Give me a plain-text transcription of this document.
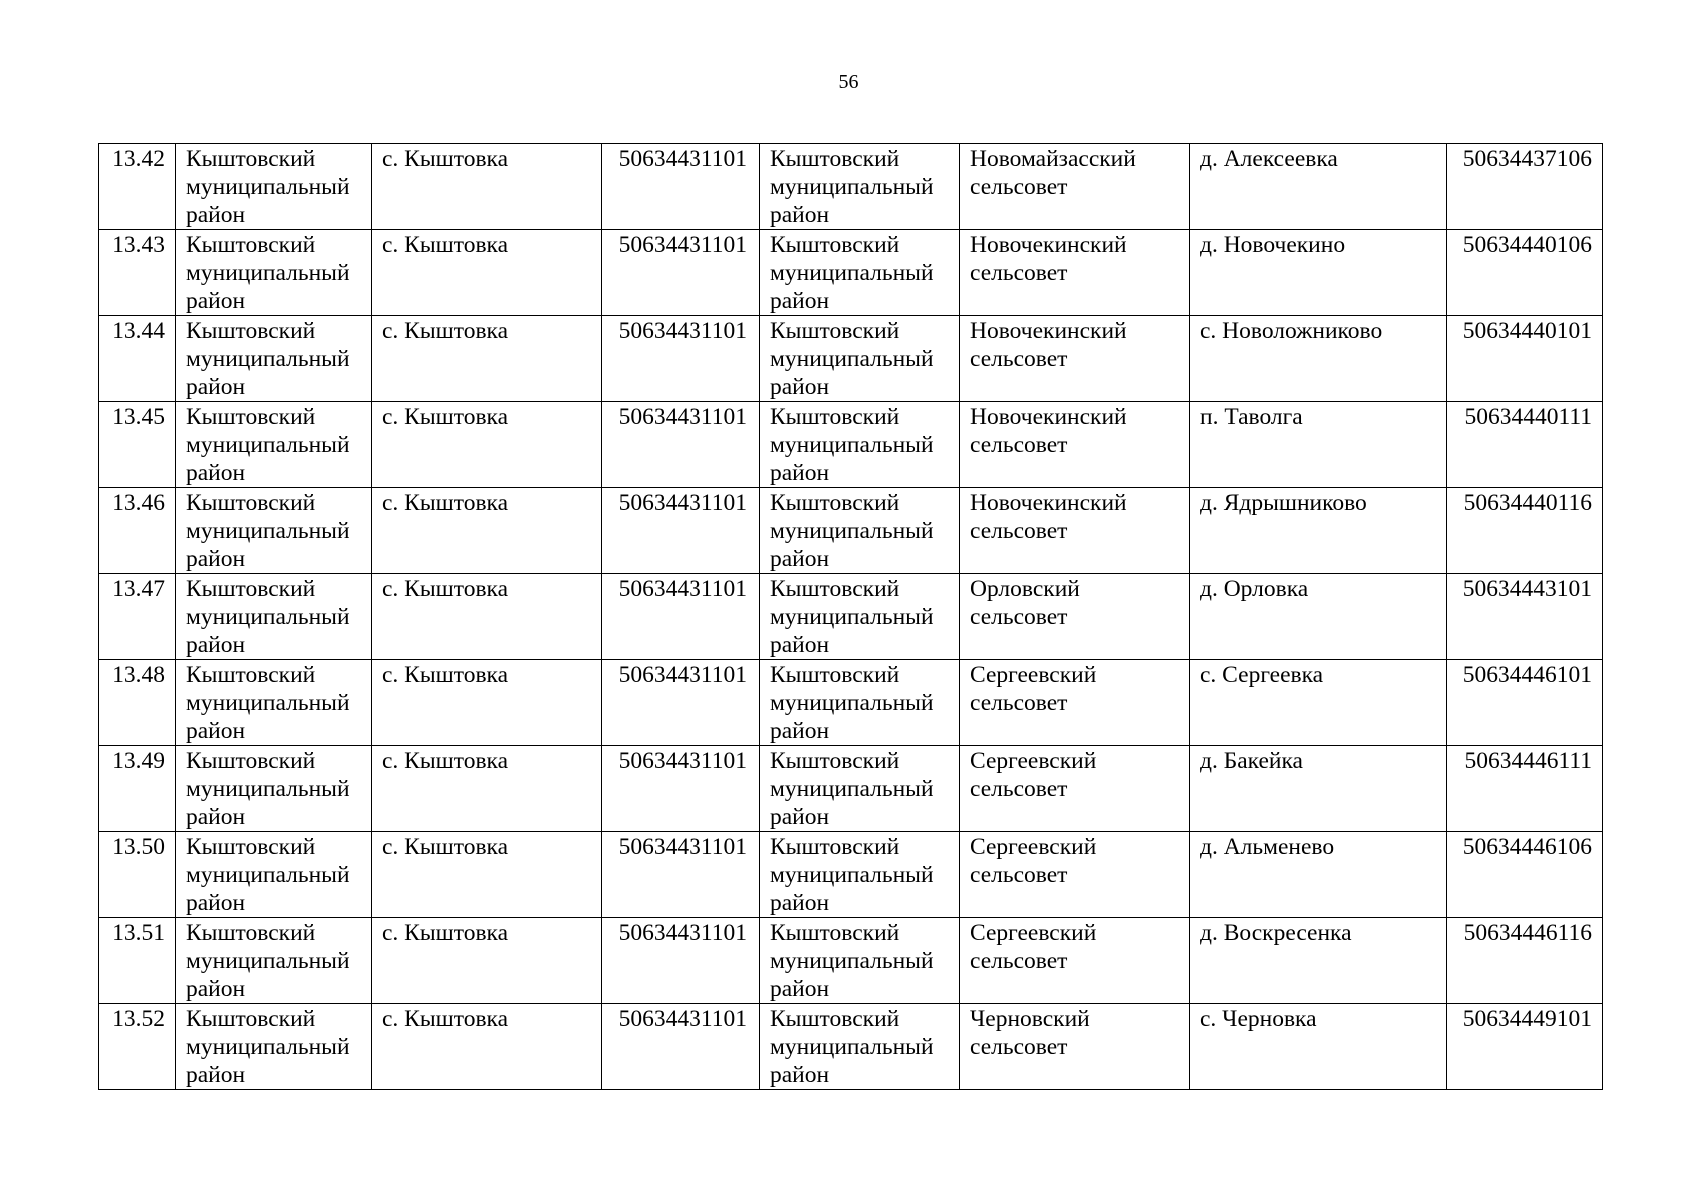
56
13.42	Кыштовский муниципальный район	с. Кыштовка	50634431101	Кыштовский муниципальный район	Новомайзасский сельсовет	д. Алексеевка	50634437106
13.43	Кыштовский муниципальный район	с. Кыштовка	50634431101	Кыштовский муниципальный район	Новочекинский сельсовет	д. Новочекино	50634440106
13.44	Кыштовский муниципальный район	с. Кыштовка	50634431101	Кыштовский муниципальный район	Новочекинский сельсовет	с. Новоложниково	50634440101
13.45	Кыштовский муниципальный район	с. Кыштовка	50634431101	Кыштовский муниципальный район	Новочекинский сельсовет	п. Таволга	50634440111
13.46	Кыштовский муниципальный район	с. Кыштовка	50634431101	Кыштовский муниципальный район	Новочекинский сельсовет	д. Ядрышниково	50634440116
13.47	Кыштовский муниципальный район	с. Кыштовка	50634431101	Кыштовский муниципальный район	Орловский сельсовет	д. Орловка	50634443101
13.48	Кыштовский муниципальный район	с. Кыштовка	50634431101	Кыштовский муниципальный район	Сергеевский сельсовет	с. Сергеевка	50634446101
13.49	Кыштовский муниципальный район	с. Кыштовка	50634431101	Кыштовский муниципальный район	Сергеевский сельсовет	д. Бакейка	50634446111
13.50	Кыштовский муниципальный район	с. Кыштовка	50634431101	Кыштовский муниципальный район	Сергеевский сельсовет	д. Альменево	50634446106
13.51	Кыштовский муниципальный район	с. Кыштовка	50634431101	Кыштовский муниципальный район	Сергеевский сельсовет	д. Воскресенка	50634446116
13.52	Кыштовский муниципальный район	с. Кыштовка	50634431101	Кыштовский муниципальный район	Черновский сельсовет	с. Черновка	50634449101
